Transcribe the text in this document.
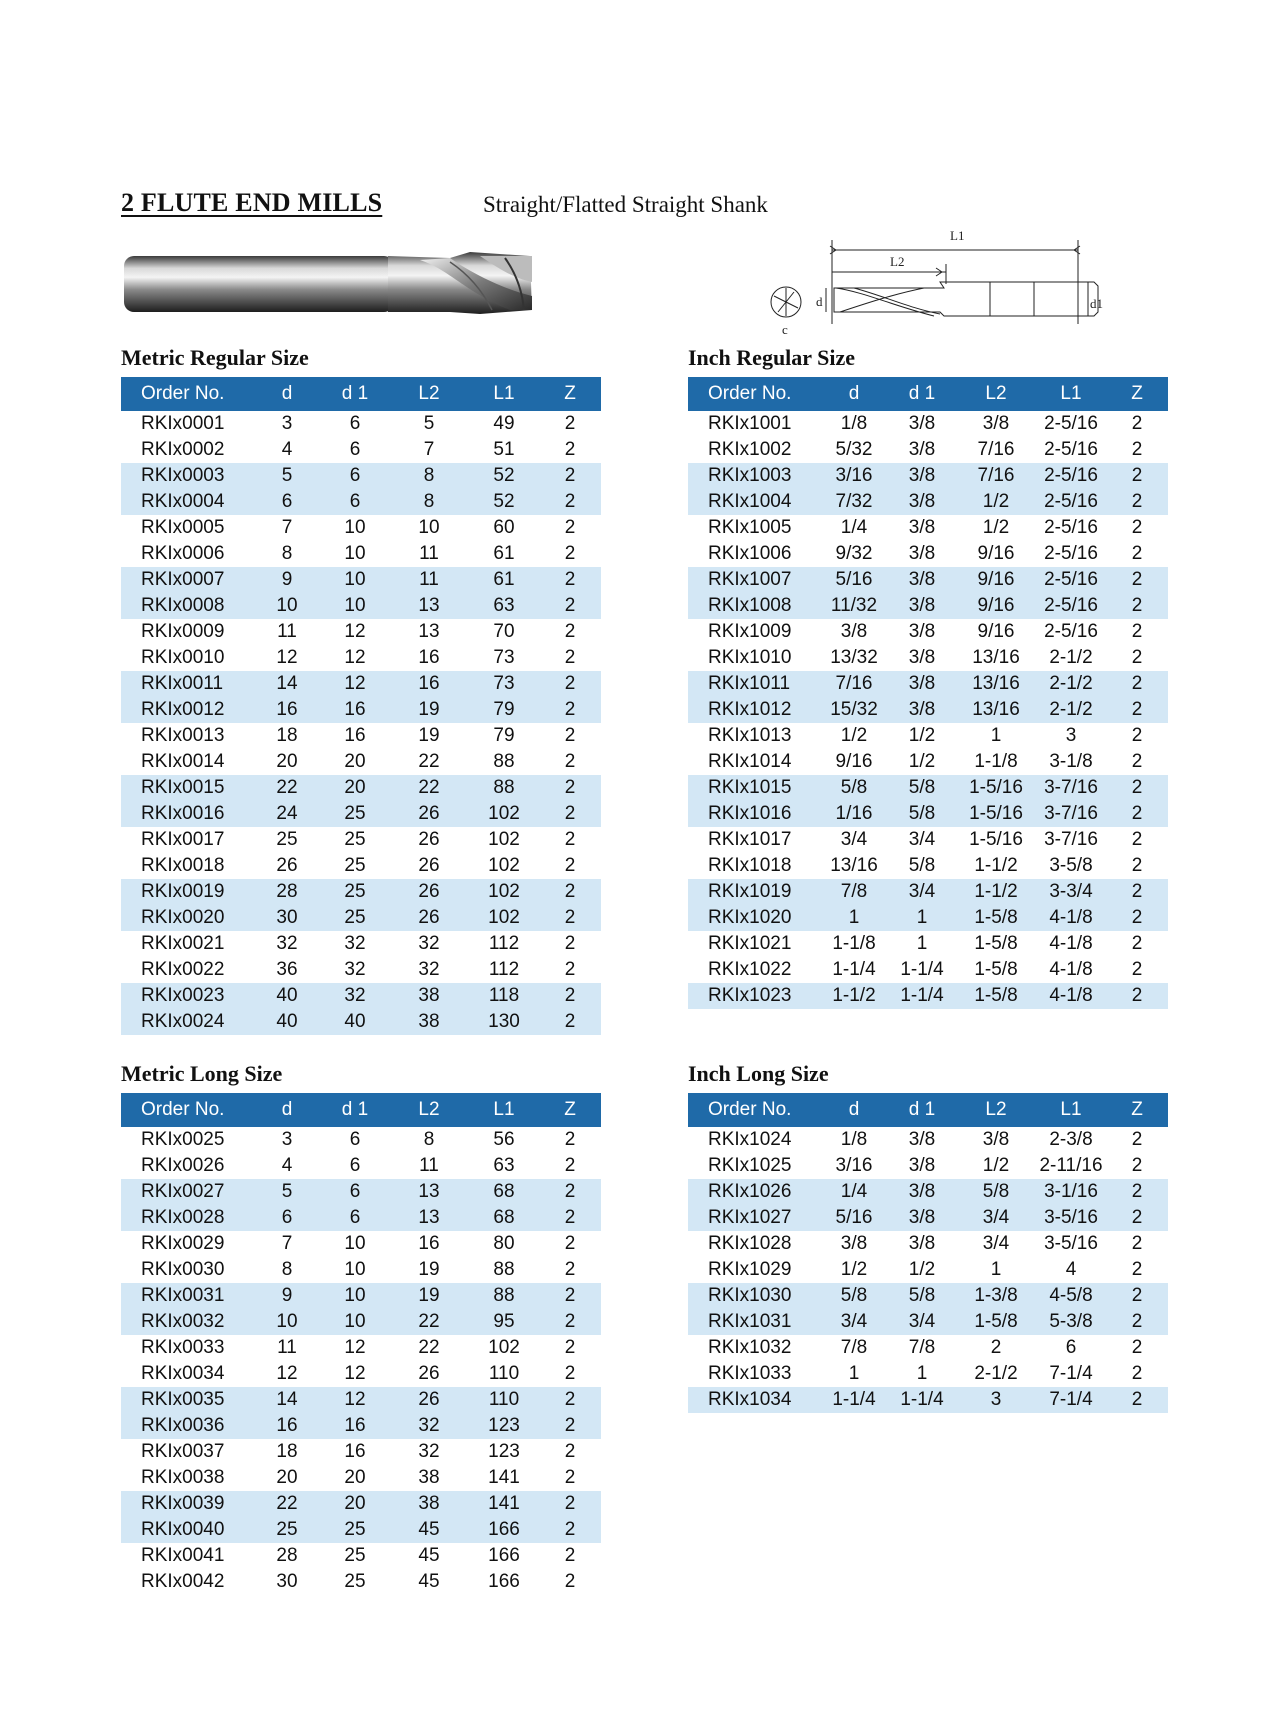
2 FLUTE END MILLS	Straight/Flatted Straight Shank
L1
L2
d	d1
c
Metric Regular Size
Order No.	d	d 1	L2	L1	Z
RKIx0001	3	6	5	49	2
RKIx0002	4	6	7	51	2
RKIx0003	5	6	8	52	2
RKIx0004	6	6	8	52	2
RKIx0005	7	10	10	60	2
RKIx0006	8	10	11	61	2
RKIx0007	9	10	11	61	2
RKIx0008	10	10	13	63	2
RKIx0009	11	12	13	70	2
RKIx0010	12	12	16	73	2
RKIx0011	14	12	16	73	2
RKIx0012	16	16	19	79	2
RKIx0013	18	16	19	79	2
RKIx0014	20	20	22	88	2
RKIx0015	22	20	22	88	2
RKIx0016	24	25	26	102	2
RKIx0017	25	25	26	102	2
RKIx0018	26	25	26	102	2
RKIx0019	28	25	26	102	2
RKIx0020	30	25	26	102	2
RKIx0021	32	32	32	112	2
RKIx0022	36	32	32	112	2
RKIx0023	40	32	38	118	2
RKIx0024	40	40	38	130	2
Inch Regular Size
Order No.	d	d 1	L2	L1	Z
RKIx1001	1/8	3/8	3/8	2-5/16	2
RKIx1002	5/32	3/8	7/16	2-5/16	2
RKIx1003	3/16	3/8	7/16	2-5/16	2
RKIx1004	7/32	3/8	1/2	2-5/16	2
RKIx1005	1/4	3/8	1/2	2-5/16	2
RKIx1006	9/32	3/8	9/16	2-5/16	2
RKIx1007	5/16	3/8	9/16	2-5/16	2
RKIx1008	11/32	3/8	9/16	2-5/16	2
RKIx1009	3/8	3/8	9/16	2-5/16	2
RKIx1010	13/32	3/8	13/16	2-1/2	2
RKIx1011	7/16	3/8	13/16	2-1/2	2
RKIx1012	15/32	3/8	13/16	2-1/2	2
RKIx1013	1/2	1/2	1	3	2
RKIx1014	9/16	1/2	1-1/8	3-1/8	2
RKIx1015	5/8	5/8	1-5/16	3-7/16	2
RKIx1016	1/16	5/8	1-5/16	3-7/16	2
RKIx1017	3/4	3/4	1-5/16	3-7/16	2
RKIx1018	13/16	5/8	1-1/2	3-5/8	2
RKIx1019	7/8	3/4	1-1/2	3-3/4	2
RKIx1020	1	1	1-5/8	4-1/8	2
RKIx1021	1-1/8	1	1-5/8	4-1/8	2
RKIx1022	1-1/4	1-1/4	1-5/8	4-1/8	2
RKIx1023	1-1/2	1-1/4	1-5/8	4-1/8	2
Metric Long Size
Order No.	d	d 1	L2	L1	Z
RKIx0025	3	6	8	56	2
RKIx0026	4	6	11	63	2
RKIx0027	5	6	13	68	2
RKIx0028	6	6	13	68	2
RKIx0029	7	10	16	80	2
RKIx0030	8	10	19	88	2
RKIx0031	9	10	19	88	2
RKIx0032	10	10	22	95	2
RKIx0033	11	12	22	102	2
RKIx0034	12	12	26	110	2
RKIx0035	14	12	26	110	2
RKIx0036	16	16	32	123	2
RKIx0037	18	16	32	123	2
RKIx0038	20	20	38	141	2
RKIx0039	22	20	38	141	2
RKIx0040	25	25	45	166	2
RKIx0041	28	25	45	166	2
RKIx0042	30	25	45	166	2
Inch Long Size
Order No.	d	d 1	L2	L1	Z
RKIx1024	1/8	3/8	3/8	2-3/8	2
RKIx1025	3/16	3/8	1/2	2-11/16	2
RKIx1026	1/4	3/8	5/8	3-1/16	2
RKIx1027	5/16	3/8	3/4	3-5/16	2
RKIx1028	3/8	3/8	3/4	3-5/16	2
RKIx1029	1/2	1/2	1	4	2
RKIx1030	5/8	5/8	1-3/8	4-5/8	2
RKIx1031	3/4	3/4	1-5/8	5-3/8	2
RKIx1032	7/8	7/8	2	6	2
RKIx1033	1	1	2-1/2	7-1/4	2
RKIx1034	1-1/4	1-1/4	3	7-1/4	2
